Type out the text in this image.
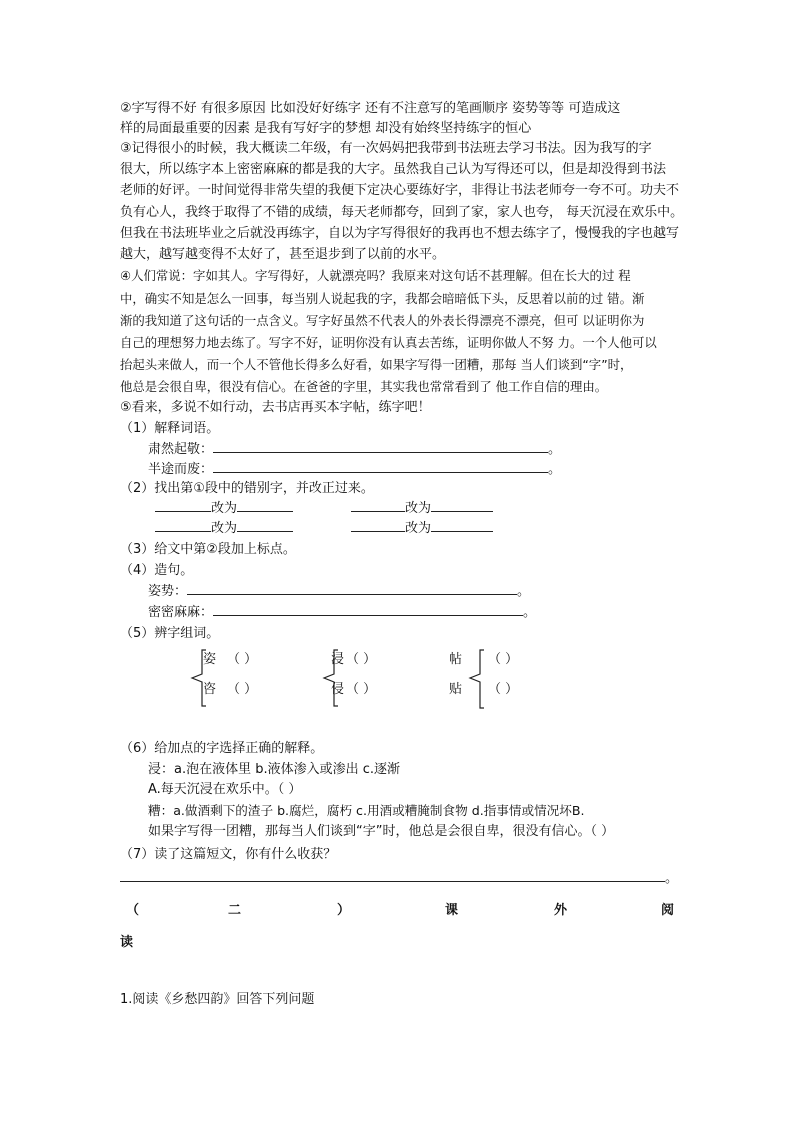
②字写得不好 有很多原因 比如没好好练字 还有不注意写的笔画顺序 姿势等等 可造成这
样的局面最重要的因素 是我有写好字的梦想 却没有始终坚持练字的恒心
③记得很小的时候，我大概读二年级，有一次妈妈把我带到书法班去学习书法。因为我写的字
很大，所以练字本上密密麻麻的都是我的大字。虽然我自己认为写得还可以，但是却没得到书法
老师的好评。一时间觉得非常失望的我便下定决心要练好字，非得让书法老师夸一夸不可。功夫不
负有心人，我终于取得了不错的成绩，每天老师都夸，回到了家，家人也夸， 每天沉浸在欢乐中。
但我在书法班毕业之后就没再练字，自以为字写得很好的我再也不想去练字了，慢慢我的字也越写
越大，越写越变得不太好了，甚至退步到了以前的水平。
④人们常说：字如其人。字写得好，人就漂亮吗？我原来对这句话不甚理解。但在长大的过 程
中，确实不知是怎么一回事，每当别人说起我的字，我都会暗暗低下头，反思着以前的过 错。渐
渐的我知道了这句话的一点含义。写字好虽然不代表人的外表长得漂亮不漂亮，但可 以证明你为
自己的理想努力地去练了。写字不好，证明你没有认真去苦练，证明你做人不努 力。一个人他可以
抬起头来做人，而一个人不管他长得多么好看，如果字写得一团糟，那每 当人们谈到“字”时，
他总是会很自卑，很没有信心。在爸爸的字里，其实我也常常看到了 他工作自信的理由。
⑤看来，多说不如行动，去书店再买本字帖，练字吧！
（1）解释词语。
肃然起敬：	。
半途而废：	。
（2）找出第①段中的错别字，并改正过来。
改为	改为
改为	改为
（3）给文中第②段加上标点。
（4）造句。
姿势：	。
密密麻麻：	。
（5）辨字组词。
姿 （ ）
咨 （ ）
浸 （ ）
侵 （ ）
帖 （ ）
贴 （ ）
（6）给加点的字选择正确的解释。
浸：a.泡在液体里 b.液体渗入或渗出 c.逐渐
A.每天沉浸在欢乐中。（ ）
糟：a.做酒剩下的渣子 b.腐烂，腐朽 c.用酒或糟腌制食物 d.指事情或情况坏B.
如果字写得一团糟，那每当人们谈到“字”时，他总是会很自卑，很没有信心。（ ）
（7）读了这篇短文，你有什么收获？
。
（	二	）	课	外	阅
读
1.阅读《乡愁四韵》回答下列问题
